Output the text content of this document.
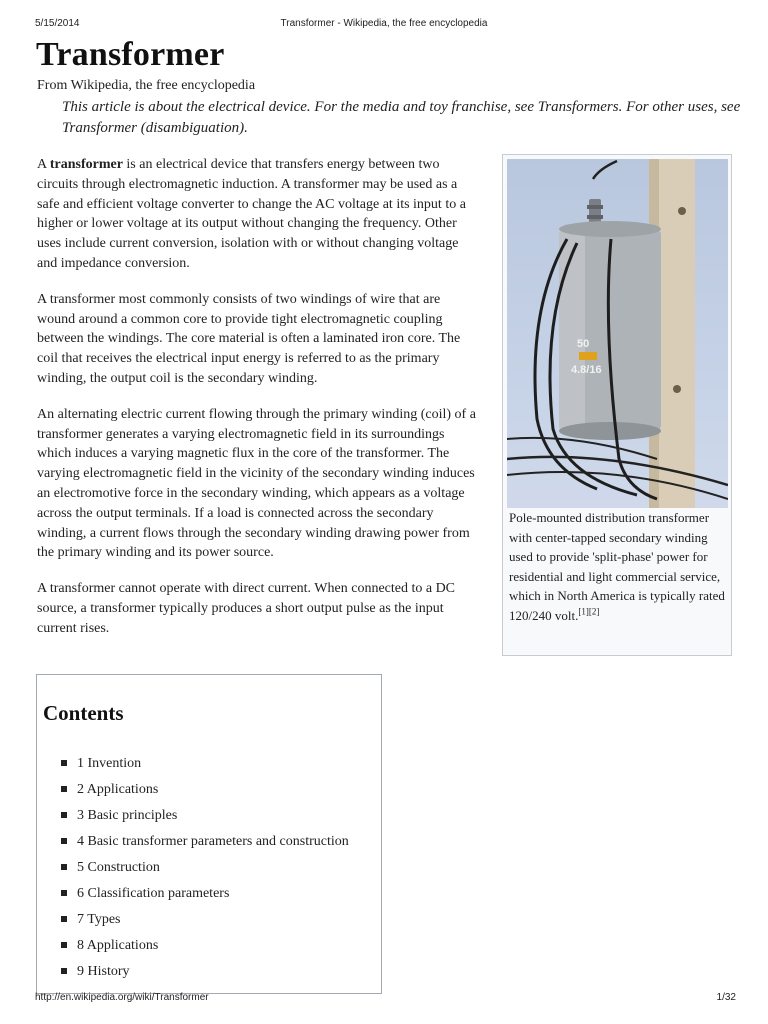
5/15/2014	Transformer - Wikipedia, the free encyclopedia
Transformer
From Wikipedia, the free encyclopedia
This article is about the electrical device. For the media and toy franchise, see Transformers. For other uses, see Transformer (disambiguation).

A transformer is an electrical device that transfers energy between two circuits through electromagnetic induction. A transformer may be used as a safe and efficient voltage converter to change the AC voltage at its input to a higher or lower voltage at its output without changing the frequency. Other uses include current conversion, isolation with or without changing voltage and impedance conversion.

A transformer most commonly consists of two windings of wire that are wound around a common core to provide tight electromagnetic coupling between the windings. The core material is often a laminated iron core. The coil that receives the electrical input energy is referred to as the primary winding, the output coil is the secondary winding.

An alternating electric current flowing through the primary winding (coil) of a transformer generates a varying electromagnetic field in its surroundings which induces a varying magnetic flux in the core of the transformer. The varying electromagnetic field in the vicinity of the secondary winding induces an electromotive force in the secondary winding, which appears as a voltage across the output terminals. If a load is connected across the secondary winding, a current flows through the secondary winding drawing power from the primary winding and its power source.

A transformer cannot operate with direct current. When connected to a DC source, a transformer typically produces a short output pulse as the input current rises.

50
4.8/16
Pole-mounted distribution transformer with center-tapped secondary winding used to provide 'split-phase' power for residential and light commercial service, which in North America is typically rated 120/240 volt.[1][2]
Contents
1 Invention
2 Applications
3 Basic principles
4 Basic transformer parameters and construction
5 Construction
6 Classification parameters
7 Types
8 Applications
9 History
http://en.wikipedia.org/wiki/Transformer	1/32
